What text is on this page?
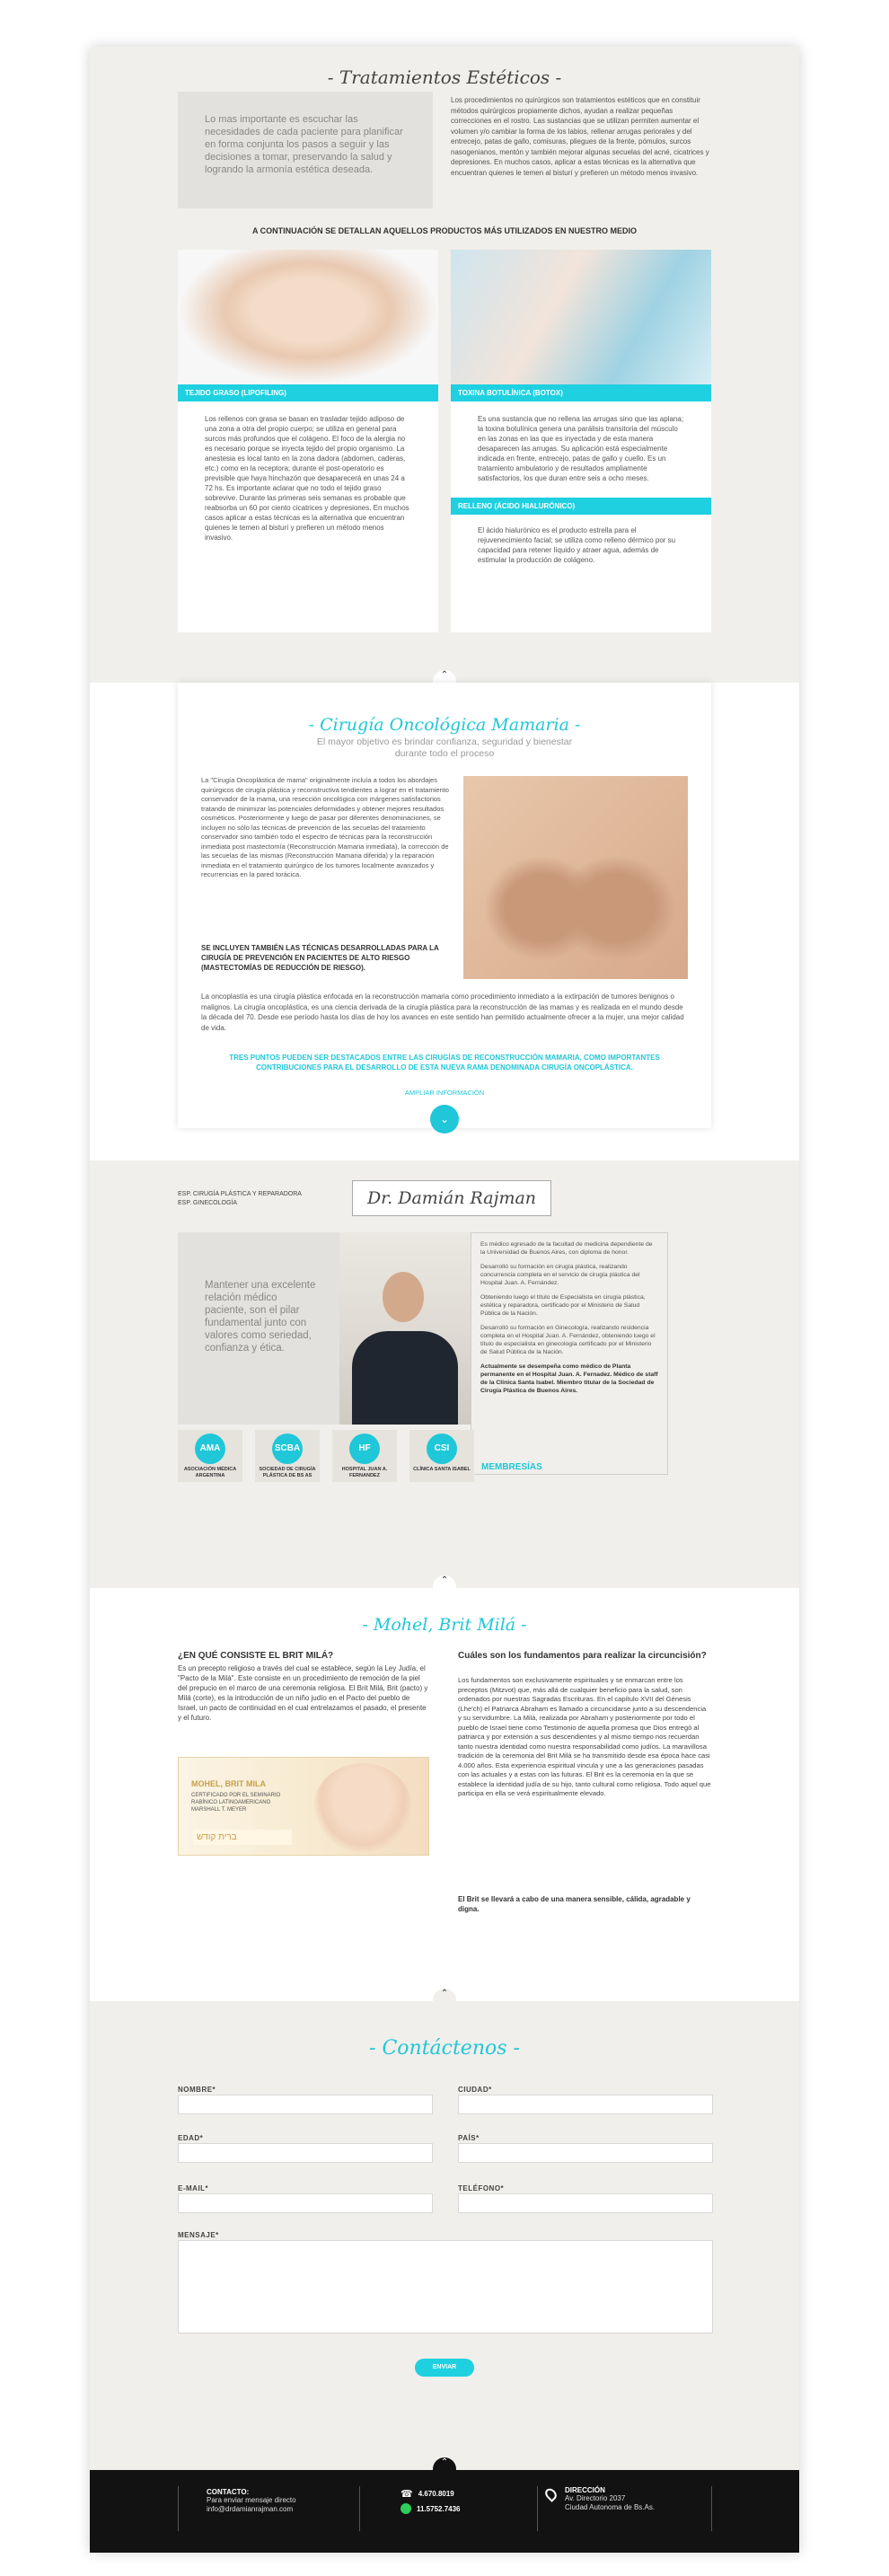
- Tratamientos Estéticos -
Lo mas importante es escuchar las necesidades de cada paciente para planificar en forma conjunta los pasos a seguir y las decisiones a tomar, preservando la salud y logrando la armonía estética deseada.
Los procedimientos no quirúrgicos son tratamientos estéticos que en constituir métodos quirúrgicos propiamente dichos, ayudan a realizar pequeñas correcciones en el rostro. Las sustancias que se utilizan permiten aumentar el volumen y/o cambiar la forma de los labios, rellenar arrugas periorales y del entrecejo, patas de gallo, comisuras, pliegues de la frente, pómulos, surcos nasogenianos, mentón y también mejorar algunas secuelas del acné, cicatrices y depresiones. En muchos casos, aplicar a estas técnicas es la alternativa que encuentran quienes le temen al bisturí y prefieren un método menos invasivo.
A CONTINUACIÓN SE DETALLAN AQUELLOS PRODUCTOS MÁS UTILIZADOS EN NUESTRO MEDIO
TEJIDO GRASO (LIPOFILING)
Los rellenos con grasa se basan en trasladar tejido adiposo de una zona a otra del propio cuerpo; se utiliza en general para surcos más profundos que el colágeno. El foco de la alergia no es necesario porque se inyecta tejido del propio organismo. La anestesia es local tanto en la zona dadora (abdomen, caderas, etc.) como en la receptora; durante el post-operatorio es previsible que haya hinchazón que desaparecerá en unas 24 a 72 hs. Es importante aclarar que no todo el tejido graso sobrevive. Durante las primeras seis semanas es probable que reabsorba un 60 por ciento cicatrices y depresiones. En muchos casos aplicar a estas técnicas es la alternativa que encuentran quienes le temen al bisturí y prefieren un método menos invasivo.
TOXINA BOTULÍNICA (BOTOX)
Es una sustancia que no rellena las arrugas sino que las aplana; la toxina botulínica genera una parálisis transitoria del músculo en las zonas en las que es inyectada y de esta manera desaparecen las arrugas. Su aplicación está especialmente indicada en frente, entrecejo, patas de gallo y cuello. Es un tratamiento ambulatorio y de resultados ampliamente satisfactorios, los que duran entre seis a ocho meses.
RELLENO (ÁCIDO HIALURÓNICO)
El ácido hialurónico es el producto estrella para el rejuvenecimiento facial; se utiliza como relleno dérmico por su capacidad para retener líquido y atraer agua, además de estimular la producción de colágeno.
⌃
- Cirugía Oncológica Mamaria -
El mayor objetivo es brindar confianza, seguridad y bienestar durante todo el proceso
La "Cirugía Oncoplástica de mama" originalmente incluía a todos los abordajes quirúrgicos de cirugía plástica y reconstructiva tendientes a lograr en el tratamiento conservador de la mama, una resección oncológica con márgenes satisfactorios tratando de minimizar las potenciales deformidades y obtener mejores resultados cosméticos. Posteriormente y luego de pasar por diferentes denominaciones, se incluyen no sólo las técnicas de prevención de las secuelas del tratamiento conservador sino también todo el espectro de técnicas para la reconstrucción inmediata post mastectomía (Reconstrucción Mamaria inmediata), la corrección de las secuelas de las mismas (Reconstrucción Mamaria diferida) y la reparación inmediata en el tratamiento quirúrgico de los tumores localmente avanzados y recurrencias en la pared torácica.
SE INCLUYEN TAMBIÉN LAS TÉCNICAS DESARROLLADAS PARA LA CIRUGÍA DE PREVENCIÓN EN PACIENTES DE ALTO RIESGO (MASTECTOMÍAS DE REDUCCIÓN DE RIESGO).
La oncoplastía es una cirugía plástica enfocada en la reconstrucción mamaria como procedimiento inmediato a la extirpación de tumores benignos o malignos. La cirugía oncoplástica, es una ciencia derivada de la cirugía plástica para la reconstrucción de las mamas y es realizada en el mundo desde la década del 70. Desde ese período hasta los días de hoy los avances en este sentido han permitido actualmente ofrecer a la mujer, una mejor calidad de vida.
TRES PUNTOS PUEDEN SER DESTACADOS ENTRE LAS CIRUGÍAS DE RECONSTRUCCIÓN MAMARIA, COMO IMPORTANTES CONTRIBUCIONES PARA EL DESARROLLO DE ESTA NUEVA RAMA DENOMINADA CIRUGÍA ONCOPLÁSTICA.
AMPLIAR INFORMACIÓN
⌄
ESP. CIRUGÍA PLÁSTICA Y REPARADORA
ESP. GINECOLOGÍA	Dr. Damián Rajman
Mantener una excelente relación médico paciente, son el pilar fundamental junto con valores como seriedad, confianza y ética.
Es médico egresado de la facultad de medicina dependiente de la Universidad de Buenos Aires, con diploma de honor.
Desarrolló su formación en cirugía plástica, realizando concurrencia completa en el servicio de cirugía plástica del Hospital Juan. A. Fernández.
Obteniendo luego el título de Especialista en cirugía plástica, estética y reparadora, certificado por el Ministerio de Salud Pública de la Nación.
Desarrolló su formación en Ginecología, realizando residencia completa en el Hospital Juan. A. Fernández, obteniendo luego el título de especialista en ginecología certificado por el Ministerio de Salud Pública de la Nación.
Actualmente se desempeña como médico de Planta permanente en el Hospital Juan. A. Fernadez. Médico de staff de la Clínica Santa Isabel. Miembro titular de la Sociedad de Cirugía Plástica de Buenos Aires.
AMA
ASOCIACIÓN MÉDICA ARGENTINA
SCBA
SOCIEDAD DE CIRUGÍA PLÁSTICA DE BS AS
HF
HOSPITAL JUAN A. FERNANDEZ
CSI
CLÍNICA SANTA ISABEL	MEMBRESÍAS
⌃
- Mohel, Brit Milá -
¿EN QUÉ CONSISTE EL BRIT MILÁ?
Es un precepto religioso a través del cual se establece, según la Ley Judía, el "Pacto de la Milá". Este consiste en un procedimiento de remoción de la piel del prepucio en el marco de una ceremonia religiosa. El Brit Milá, Brit (pacto) y Milá (corte), es la introducción de un niño judío en el Pacto del pueblo de Israel, un pacto de continuidad en el cual entrelazamos el pasado, el presente y el futuro.
MOHEL, BRIT MILA
CERTIFICADO POR EL SEMINARIO RABÍNICO LATINOAMERICANO MARSHALL T. MEYER
ברית קודש
Cuáles son los fundamentos para realizar la circuncisión?
Los fundamentos son exclusivamente espirituales y se enmarcan entre los preceptos (Mitzvot) que, más allá de cualquier beneficio para la salud, son ordenados por nuestras Sagradas Escrituras. En el capítulo XVII del Génesis (Lhe'ch) el Patriarca Abraham es llamado a circuncidarse junto a su descendencia y su servidumbre. La Milá, realizada por Abraham y posteriormente por todo el pueblo de Israel tiene como Testimonio de aquella promesa que Dios entregó al patriarca y por extensión a sus descendientes y al mismo tiempo nos recuerdan tanto nuestra identidad como nuestra responsabilidad como judíos. La maravillosa tradición de la ceremonia del Brit Milá se ha transmitido desde esa época hace casi 4.000 años. Esta experiencia espiritual vincula y une a las generaciones pasadas con las actuales y a estas con las futuras. El Brit es la ceremonia en la que se establece la identidad judía de su hijo, tanto cultural como religiosa. Todo aquel que participa en ella se verá espiritualmente elevado.
El Brit se llevará a cabo de una manera sensible, cálida, agradable y digna.
⌃
- Contáctenos -
NOMBRE*	CIUDAD*
EDAD*	PAÍS*
E-MAIL*	TELÉFONO*
MENSAJE*
ENVIAR
⌃
CONTACTO:
Para enviar mensaje directo
info@drdamianrajman.com
☎ 4.670.8019
11.5752.7436
DIRECCIÓN
Av. Directorio 2037
Ciudad Autonoma de Bs.As.
